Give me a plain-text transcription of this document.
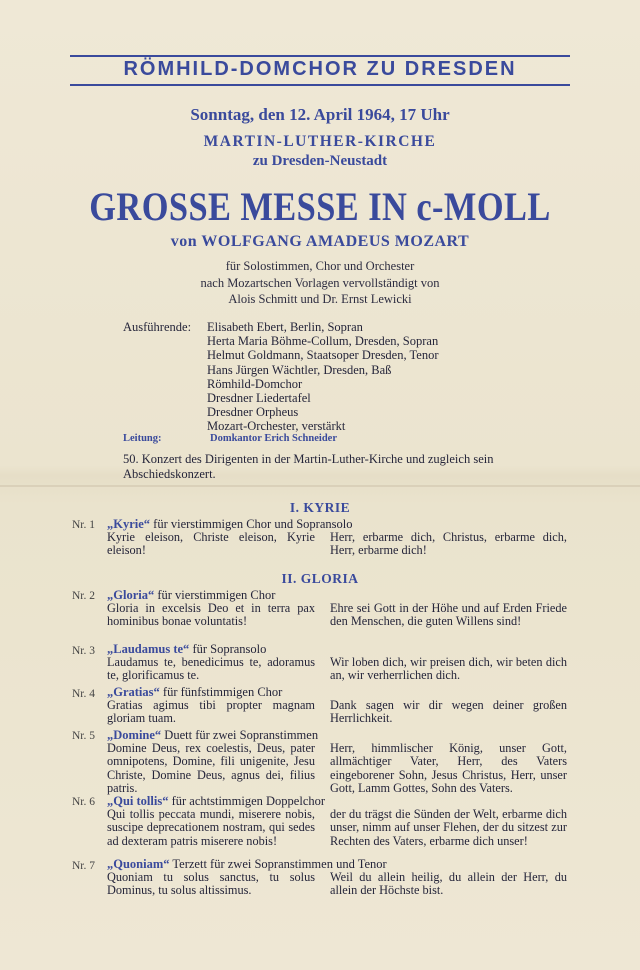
RÖMHILD-DOMCHOR ZU DRESDEN
Sonntag, den 12. April 1964, 17 Uhr
MARTIN-LUTHER-KIRCHE
zu Dresden-Neustadt
GROSSE MESSE IN c-MOLL
von WOLFGANG AMADEUS MOZART
für Solostimmen, Chor und Orchester
nach Mozartschen Vorlagen vervollständigt von
Alois Schmitt und Dr. Ernst Lewicki
Ausführende: Elisabeth Ebert, Berlin, Sopran
Herta Maria Böhme-Collum, Dresden, Sopran
Helmut Goldmann, Staatsoper Dresden, Tenor
Hans Jürgen Wächtler, Dresden, Baß
Römhild-Domchor
Dresdner Liedertafel
Dresdner Orpheus
Mozart-Orchester, verstärkt
Leitung:	Domkantor Erich Schneider
50. Konzert des Dirigenten in der Martin-Luther-Kirche und zugleich sein Abschiedskonzert.
I. KYRIE
Nr. 1 „Kyrie“ für vierstimmigen Chor und Sopransolo
Kyrie eleison, Christe eleison, Kyrie eleison!
Herr, erbarme dich, Christus, erbarme dich, Herr, erbarme dich!
II. GLORIA
Nr. 2 „Gloria“ für vierstimmigen Chor
Gloria in excelsis Deo et in terra pax hominibus bonae voluntatis!
Ehre sei Gott in der Höhe und auf Erden Friede den Menschen, die guten Willens sind!
Nr. 3 „Laudamus te“ für Sopransolo
Laudamus te, benedicimus te, adoramus te, glorificamus te.
Wir loben dich, wir preisen dich, wir beten dich an, wir verherrlichen dich.
Nr. 4 „Gratias“ für fünfstimmigen Chor
Gratias agimus tibi propter magnam gloriam tuam.
Dank sagen wir dir wegen deiner großen Herrlichkeit.
Nr. 5 „Domine“ Duett für zwei Sopranstimmen
Domine Deus, rex coelestis, Deus, pater omnipotens, Domine, fili unigenite, Jesu Christe, Domine Deus, agnus dei, filius patris.
Herr, himmlischer König, unser Gott, allmächtiger Vater, Herr, des Vaters eingeborener Sohn, Jesus Christus, Herr, unser Gott, Lamm Gottes, Sohn des Vaters.
Nr. 6 „Qui tollis“ für achtstimmigen Doppelchor
Qui tollis peccata mundi, miserere nobis, suscipe deprecationem nostram, qui sedes ad dexteram patris miserere nobis!
der du trägst die Sünden der Welt, erbarme dich unser, nimm auf unser Flehen, der du sitzest zur Rechten des Vaters, erbarme dich unser!
Nr. 7 „Quoniam“ Terzett für zwei Sopranstimmen und Tenor
Quoniam tu solus sanctus, tu solus Dominus, tu solus altissimus.
Weil du allein heilig, du allein der Herr, du allein der Höchste bist.
